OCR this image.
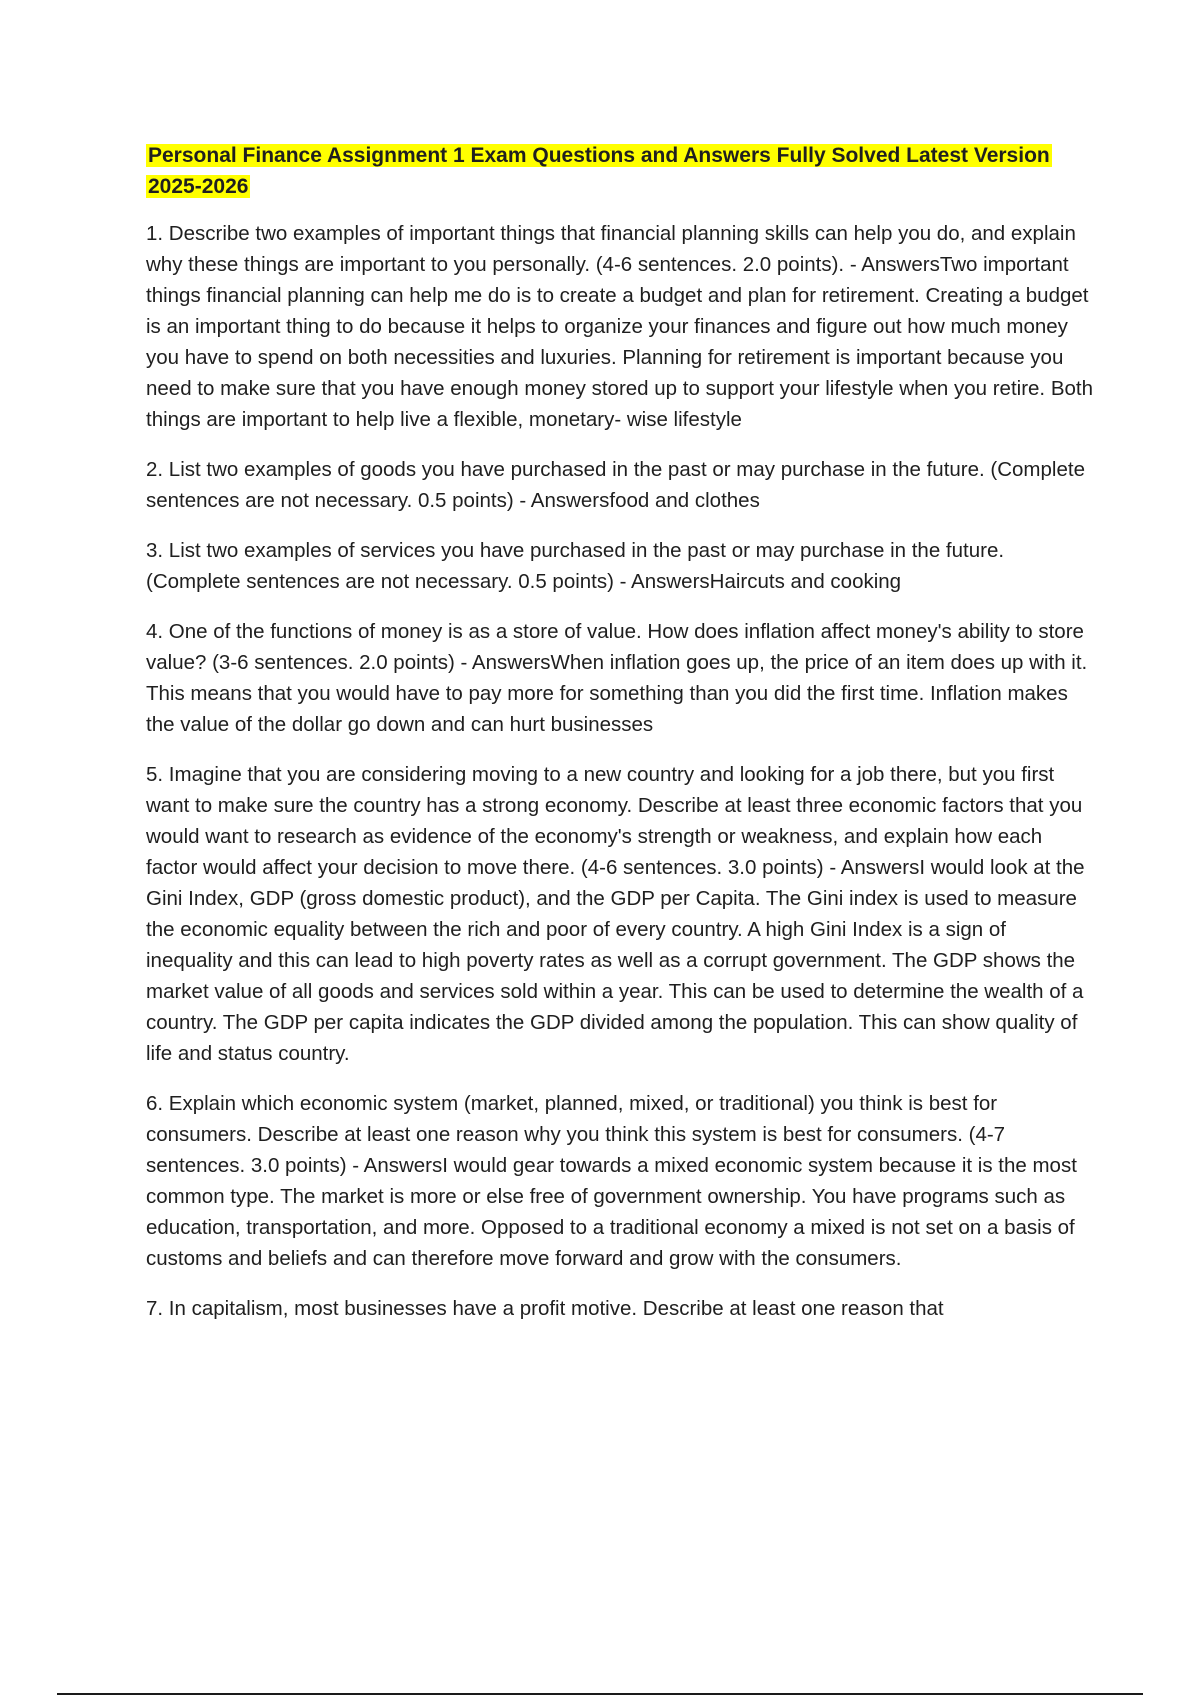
Personal Finance Assignment 1 Exam Questions and Answers Fully Solved Latest Version 2025-2026

1. Describe two examples of important things that financial planning skills can help you do, and explain why these things are important to you personally. (4-6 sentences. 2.0 points). - AnswersTwo important things financial planning can help me do is to create a budget and plan for retirement. Creating a budget is an important thing to do because it helps to organize your finances and figure out how much money you have to spend on both necessities and luxuries. Planning for retirement is important because you need to make sure that you have enough money stored up to support your lifestyle when you retire. Both things are important to help live a flexible, monetary- wise lifestyle

2. List two examples of goods you have purchased in the past or may purchase in the future. (Complete sentences are not necessary. 0.5 points) - Answersfood and clothes

3. List two examples of services you have purchased in the past or may purchase in the future. (Complete sentences are not necessary. 0.5 points) - AnswersHaircuts and cooking

4. One of the functions of money is as a store of value. How does inflation affect money's ability to store value? (3-6 sentences. 2.0 points) - AnswersWhen inflation goes up, the price of an item does up with it. This means that you would have to pay more for something than you did the first time. Inflation makes the value of the dollar go down and can hurt businesses

5. Imagine that you are considering moving to a new country and looking for a job there, but you first want to make sure the country has a strong economy. Describe at least three economic factors that you would want to research as evidence of the economy's strength or weakness, and explain how each factor would affect your decision to move there. (4-6 sentences. 3.0 points) - AnswersI would look at the Gini Index, GDP (gross domestic product), and the GDP per Capita. The Gini index is used to measure the economic equality between the rich and poor of every country. A high Gini Index is a sign of inequality and this can lead to high poverty rates as well as a corrupt government. The GDP shows the market value of all goods and services sold within a year. This can be used to determine the wealth of a country. The GDP per capita indicates the GDP divided among the population. This can show quality of life and status country.

6. Explain which economic system (market, planned, mixed, or traditional) you think is best for consumers. Describe at least one reason why you think this system is best for consumers. (4-7 sentences. 3.0 points) - AnswersI would gear towards a mixed economic system because it is the most common type. The market is more or else free of government ownership. You have programs such as education, transportation, and more. Opposed to a traditional economy a mixed is not set on a basis of customs and beliefs and can therefore move forward and grow with the consumers.

7. In capitalism, most businesses have a profit motive. Describe at least one reason that
